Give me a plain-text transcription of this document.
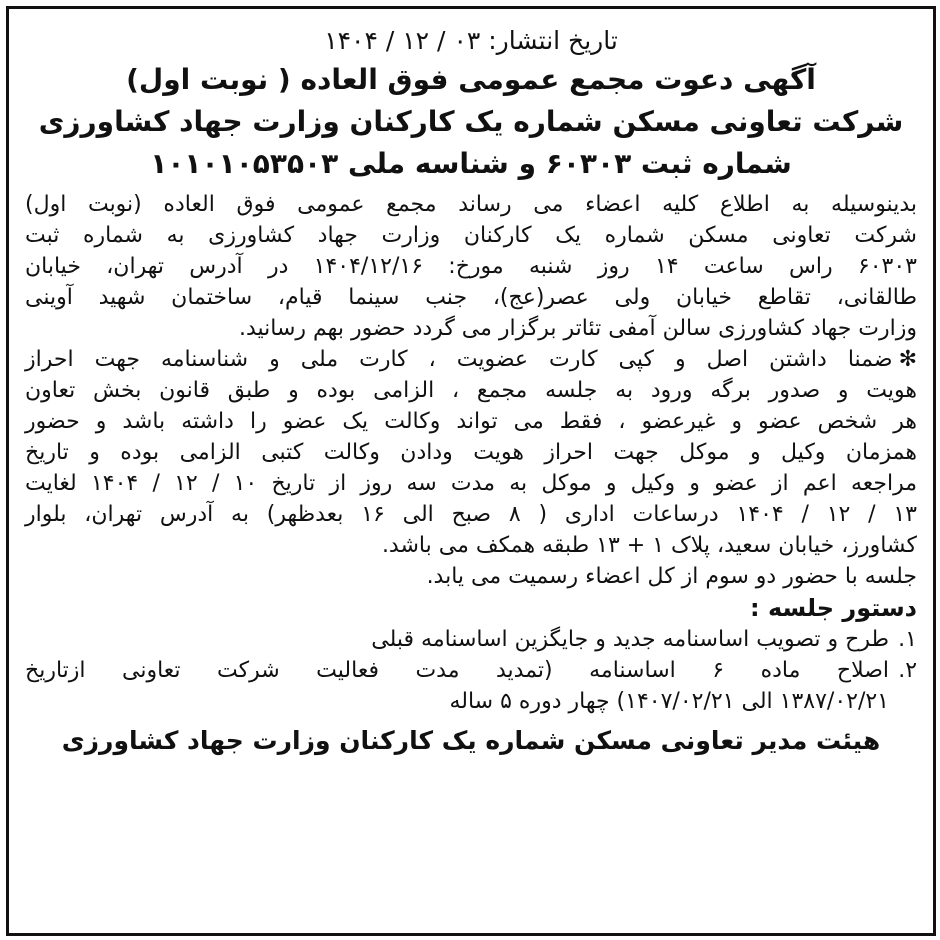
تاریخ انتشار: ۰۳ / ۱۲ / ۱۴۰۴
آگهی دعوت مجمع عمومی فوق العاده ( نوبت اول)
شرکت تعاونی مسکن شماره یک کارکنان وزارت جهاد کشاورزی
شماره ثبت ۶۰۳۰۳ و شناسه ملی ۱۰۱۰۱۰۵۳۵۰۳
بدینوسیله به اطلاع کلیه اعضاء می رساند مجمع عمومی فوق العاده (نوبت اول)
شرکت تعاونی مسکن شماره یک کارکنان وزارت جهاد کشاورزی به شماره ثبت
۶۰۳۰۳ راس ساعت ۱۴ روز شنبه مورخ: ۱۴۰۴/۱۲/۱۶ در آدرس تهران، خیابان
طالقانی، تقاطع خیابان ولی عصر(عج)، جنب سینما قیام، ساختمان شهید آوینی
وزارت جهاد کشاورزی سالن آمفی تئاتر برگزار می گردد حضور بهم رسانید.
✻ضمنا داشتن اصل و کپی کارت عضویت ، کارت ملی و شناسنامه جهت احراز
هویت و صدور برگه ورود به جلسه مجمع ، الزامی بوده و طبق قانون بخش تعاون
هر شخص عضو و غیرعضو ، فقط می تواند وکالت یک عضو را داشته باشد و حضور
همزمان وکیل و موکل جهت احراز هویت ودادن وکالت کتبی الزامی بوده و تاریخ
مراجعه اعم از عضو و وکیل و موکل به مدت سه روز از تاریخ ۱۰ / ۱۲ / ۱۴۰۴ لغایت
۱۳ / ۱۲ / ۱۴۰۴ درساعات اداری ( ۸ صبح الی ۱۶ بعدظهر) به آدرس تهران، بلوار
کشاورز، خیابان سعید، پلاک ۱ + ۱۳ طبقه همکف می باشد.
جلسه با حضور دو سوم از کل اعضاء رسمیت می یابد.
دستور جلسه :
۱.طرح و تصویب اساسنامه جدید و جایگزین اساسنامه قبلی
۲.اصلاح ماده ۶ اساسنامه (تمدید مدت فعالیت شرکت تعاونی ازتاریخ
۱۳۸۷/۰۲/۲۱ الی ۱۴۰۷/۰۲/۲۱) چهار دوره ۵ ساله
هیئت مدیر تعاونی مسکن شماره یک کارکنان وزارت جهاد کشاورزی
